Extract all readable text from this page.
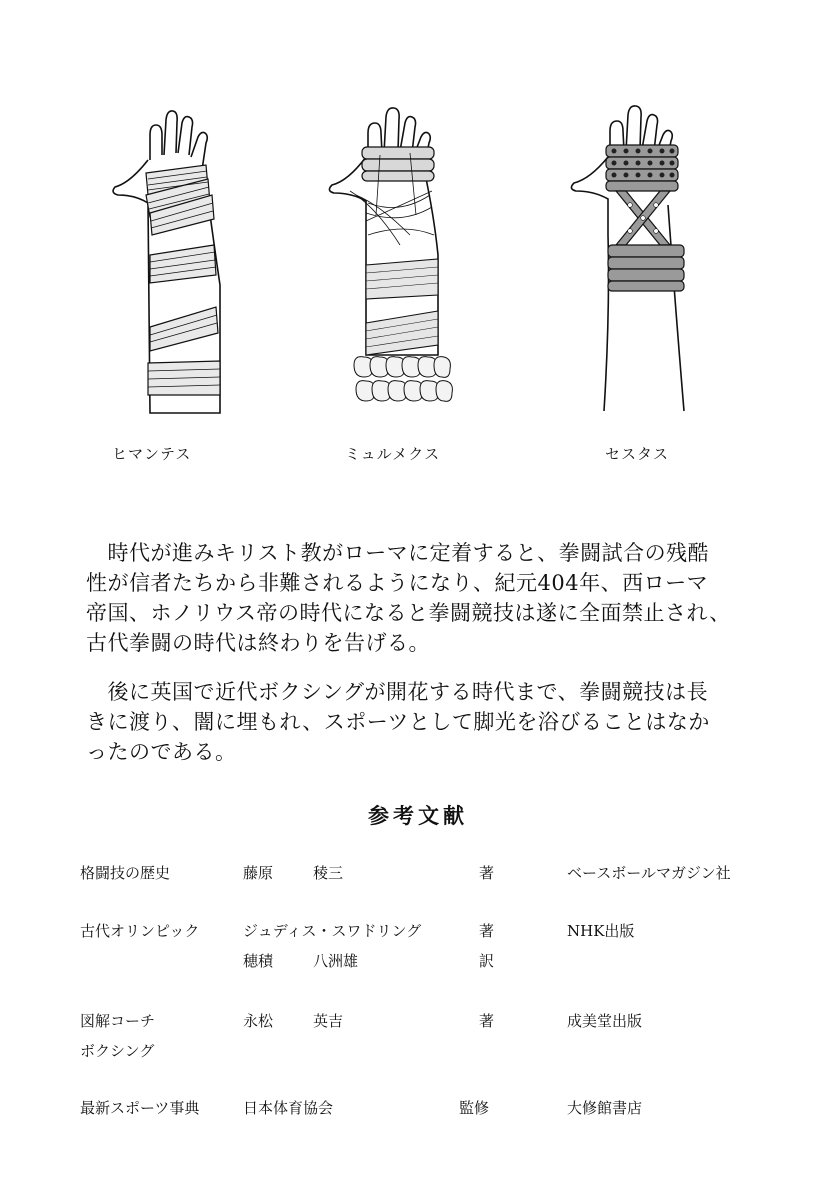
ヒマンテス	ミュルメクス	セスタス
　時代が進みキリスト教がローマに定着すると、拳闘試合の残酷
性が信者たちから非難されるようになり、紀元404年、西ローマ
帝国、ホノリウス帝の時代になると拳闘競技は遂に全面禁止され、
古代拳闘の時代は終わりを告げる。
　後に英国で近代ボクシングが開花する時代まで、拳闘競技は長
きに渡り、闇に埋もれ、スポーツとして脚光を浴びることはなか
ったのである。
参考文献
格闘技の歴史	藤原	稜三	著	ベースボールマガジン社
古代オリンピック	ジュディス・スワドリング	著	NHK出版
穂積	八洲雄	訳
図解コーチ
ボクシング
永松	英吉	著	成美堂出版
最新スポーツ事典	日本体育協会	監修	大修館書店
